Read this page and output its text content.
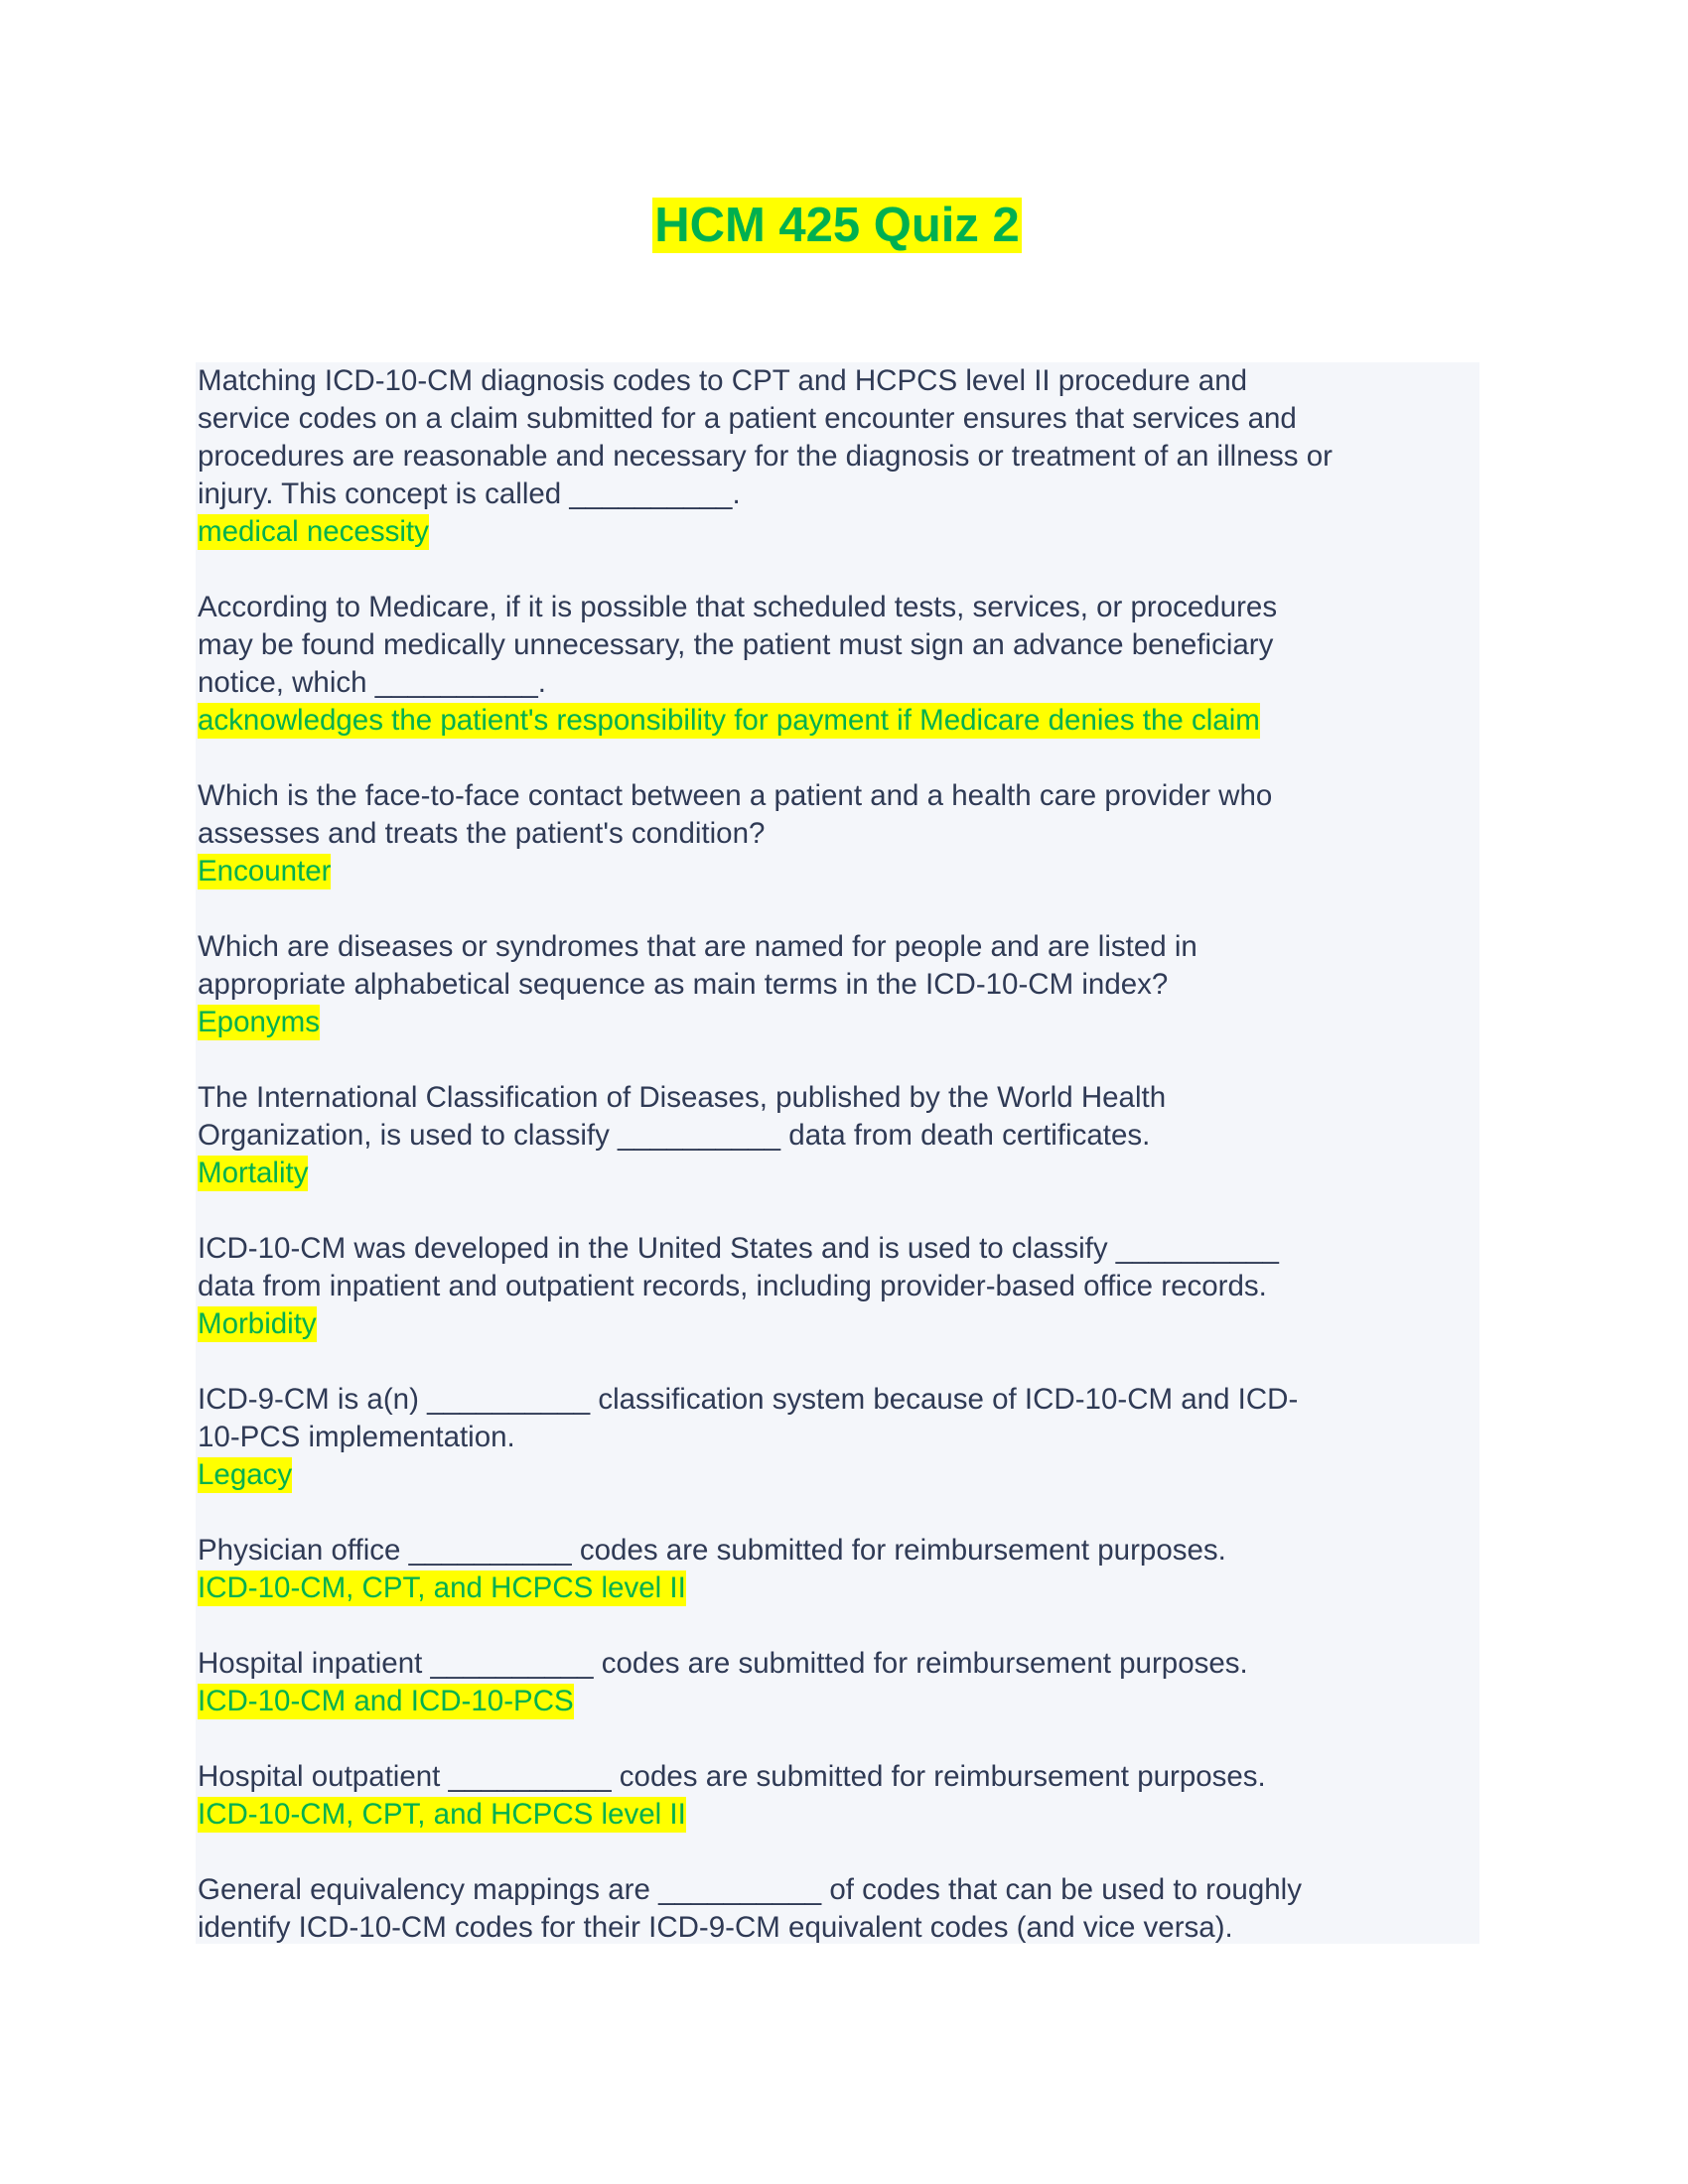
HCM 425 Quiz 2
Matching ICD-10-CM diagnosis codes to CPT and HCPCS level II procedure and
service codes on a claim submitted for a patient encounter ensures that services and
procedures are reasonable and necessary for the diagnosis or treatment of an illness or
injury. This concept is called __________.
medical necessity
According to Medicare, if it is possible that scheduled tests, services, or procedures
may be found medically unnecessary, the patient must sign an advance beneficiary
notice, which __________.
acknowledges the patient's responsibility for payment if Medicare denies the claim
Which is the face-to-face contact between a patient and a health care provider who
assesses and treats the patient's condition?
Encounter
Which are diseases or syndromes that are named for people and are listed in
appropriate alphabetical sequence as main terms in the ICD-10-CM index?
Eponyms
The International Classification of Diseases, published by the World Health
Organization, is used to classify __________ data from death certificates.
Mortality
ICD-10-CM was developed in the United States and is used to classify __________
data from inpatient and outpatient records, including provider-based office records.
Morbidity
ICD-9-CM is a(n) __________ classification system because of ICD-10-CM and ICD-
10-PCS implementation.
Legacy
Physician office __________ codes are submitted for reimbursement purposes.
ICD-10-CM, CPT, and HCPCS level II
Hospital inpatient __________ codes are submitted for reimbursement purposes.
ICD-10-CM and ICD-10-PCS
Hospital outpatient __________ codes are submitted for reimbursement purposes.
ICD-10-CM, CPT, and HCPCS level II
General equivalency mappings are __________ of codes that can be used to roughly
identify ICD-10-CM codes for their ICD-9-CM equivalent codes (and vice versa).
